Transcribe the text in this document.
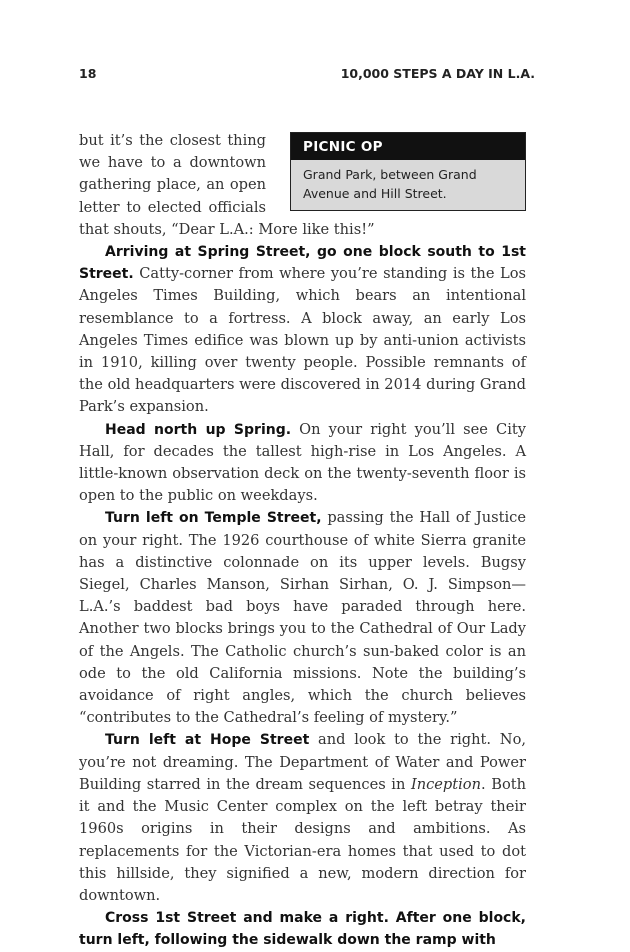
18	10,000 STEPS A DAY IN L.A.
PICNIC OP
Grand Park, between Grand Avenue and Hill Street.

but it’s the closest thing we have to a downtown gathering place, an open letter to elected officials that shouts, “Dear L.A.: More like this!”

Arriving at Spring Street, go one block south to 1st Street. Catty-corner from where you’re standing is the Los Angeles Times Building, which bears an intentional resemblance to a fortress. A block away, an early Los Angeles Times edifice was blown up by anti-union activists in 1910, killing over twenty people. Possible remnants of the old headquarters were discovered in 2014 during Grand Park’s expansion.

Head north up Spring. On your right you’ll see City Hall, for decades the tallest high-rise in Los Angeles. A little-known observation deck on the twenty-seventh floor is open to the public on weekdays.

Turn left on Temple Street, passing the Hall of Justice on your right. The 1926 courthouse of white Sierra granite has a distinctive colonnade on its upper levels. Bugsy Siegel, Charles Manson, Sirhan Sirhan, O. J. Simpson—L.A.’s baddest bad boys have paraded through here. Another two blocks brings you to the Cathedral of Our Lady of the Angels. The Catholic church’s sun-baked color is an ode to the old California missions. Note the building’s avoidance of right angles, which the church believes “contributes to the Cathedral’s feeling of mystery.”

Turn left at Hope Street and look to the right. No, you’re not dreaming. The Department of Water and Power Building starred in the dream sequences in Inception. Both it and the Music Center complex on the left betray their 1960s origins in their designs and ambitions. As replacements for the Victorian-era homes that used to dot this hillside, they signified a new, modern direction for downtown.

Cross 1st Street and make a right. After one block, turn left, following the sidewalk down the ramp with
